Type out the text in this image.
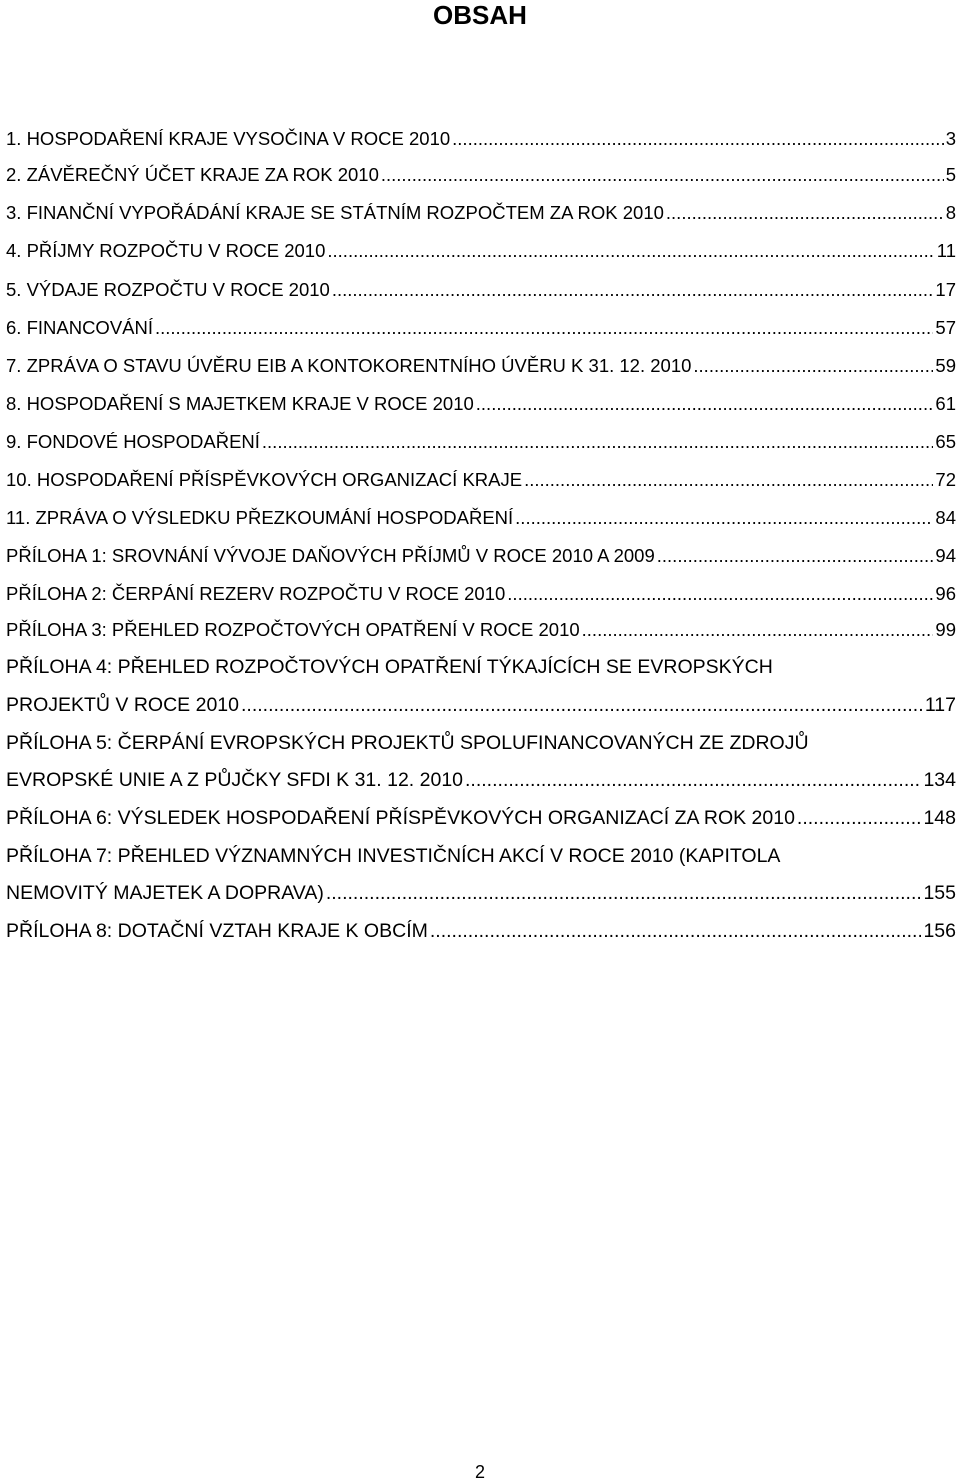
OBSAH
1. HOSPODAŘENÍ KRAJE VYSOČINA V ROCE 2010 .....	3
2. ZÁVĚREČNÝ ÚČET KRAJE ZA ROK 2010 .....	5
3. FINANČNÍ VYPOŘÁDÁNÍ KRAJE SE STÁTNÍM ROZPOČTEM ZA ROK 2010 .....	8
4. PŘÍJMY ROZPOČTU V ROCE 2010 .....	11
5. VÝDAJE ROZPOČTU V ROCE 2010 .....	17
6. FINANCOVÁNÍ .....	57
7. ZPRÁVA O STAVU ÚVĚRU EIB A KONTOKORENTNÍHO ÚVĚRU K 31. 12. 2010 .....	59
8. HOSPODAŘENÍ S MAJETKEM KRAJE V ROCE 2010 .....	61
9. FONDOVÉ HOSPODAŘENÍ .....	65
10. HOSPODAŘENÍ PŘÍSPĚVKOVÝCH ORGANIZACÍ KRAJE .....	72
11. ZPRÁVA O VÝSLEDKU PŘEZKOUMÁNÍ HOSPODAŘENÍ .....	84
PŘÍLOHA 1: SROVNÁNÍ VÝVOJE DAŇOVÝCH PŘÍJMŮ V ROCE 2010 A 2009 .....	94
PŘÍLOHA 2: ČERPÁNÍ REZERV ROZPOČTU V ROCE 2010 .....	96
PŘÍLOHA 3: PŘEHLED ROZPOČTOVÝCH OPATŘENÍ V ROCE 2010 .....	99
PŘÍLOHA 4: PŘEHLED ROZPOČTOVÝCH OPATŘENÍ TÝKAJÍCÍCH SE EVROPSKÝCH
PROJEKTŮ V ROCE 2010 .....	117
PŘÍLOHA 5: ČERPÁNÍ EVROPSKÝCH PROJEKTŮ SPOLUFINANCOVANÝCH ZE ZDROJŮ
EVROPSKÉ UNIE A Z PŮJČKY SFDI K 31. 12. 2010 .....	134
PŘÍLOHA 6: VÝSLEDEK HOSPODAŘENÍ PŘÍSPĚVKOVÝCH ORGANIZACÍ ZA ROK 2010 .....	148
PŘÍLOHA 7: PŘEHLED VÝZNAMNÝCH INVESTIČNÍCH AKCÍ V ROCE 2010 (KAPITOLA
NEMOVITÝ MAJETEK A DOPRAVA) .....	155
PŘÍLOHA 8: DOTAČNÍ VZTAH KRAJE K OBCÍM .....	156
2
